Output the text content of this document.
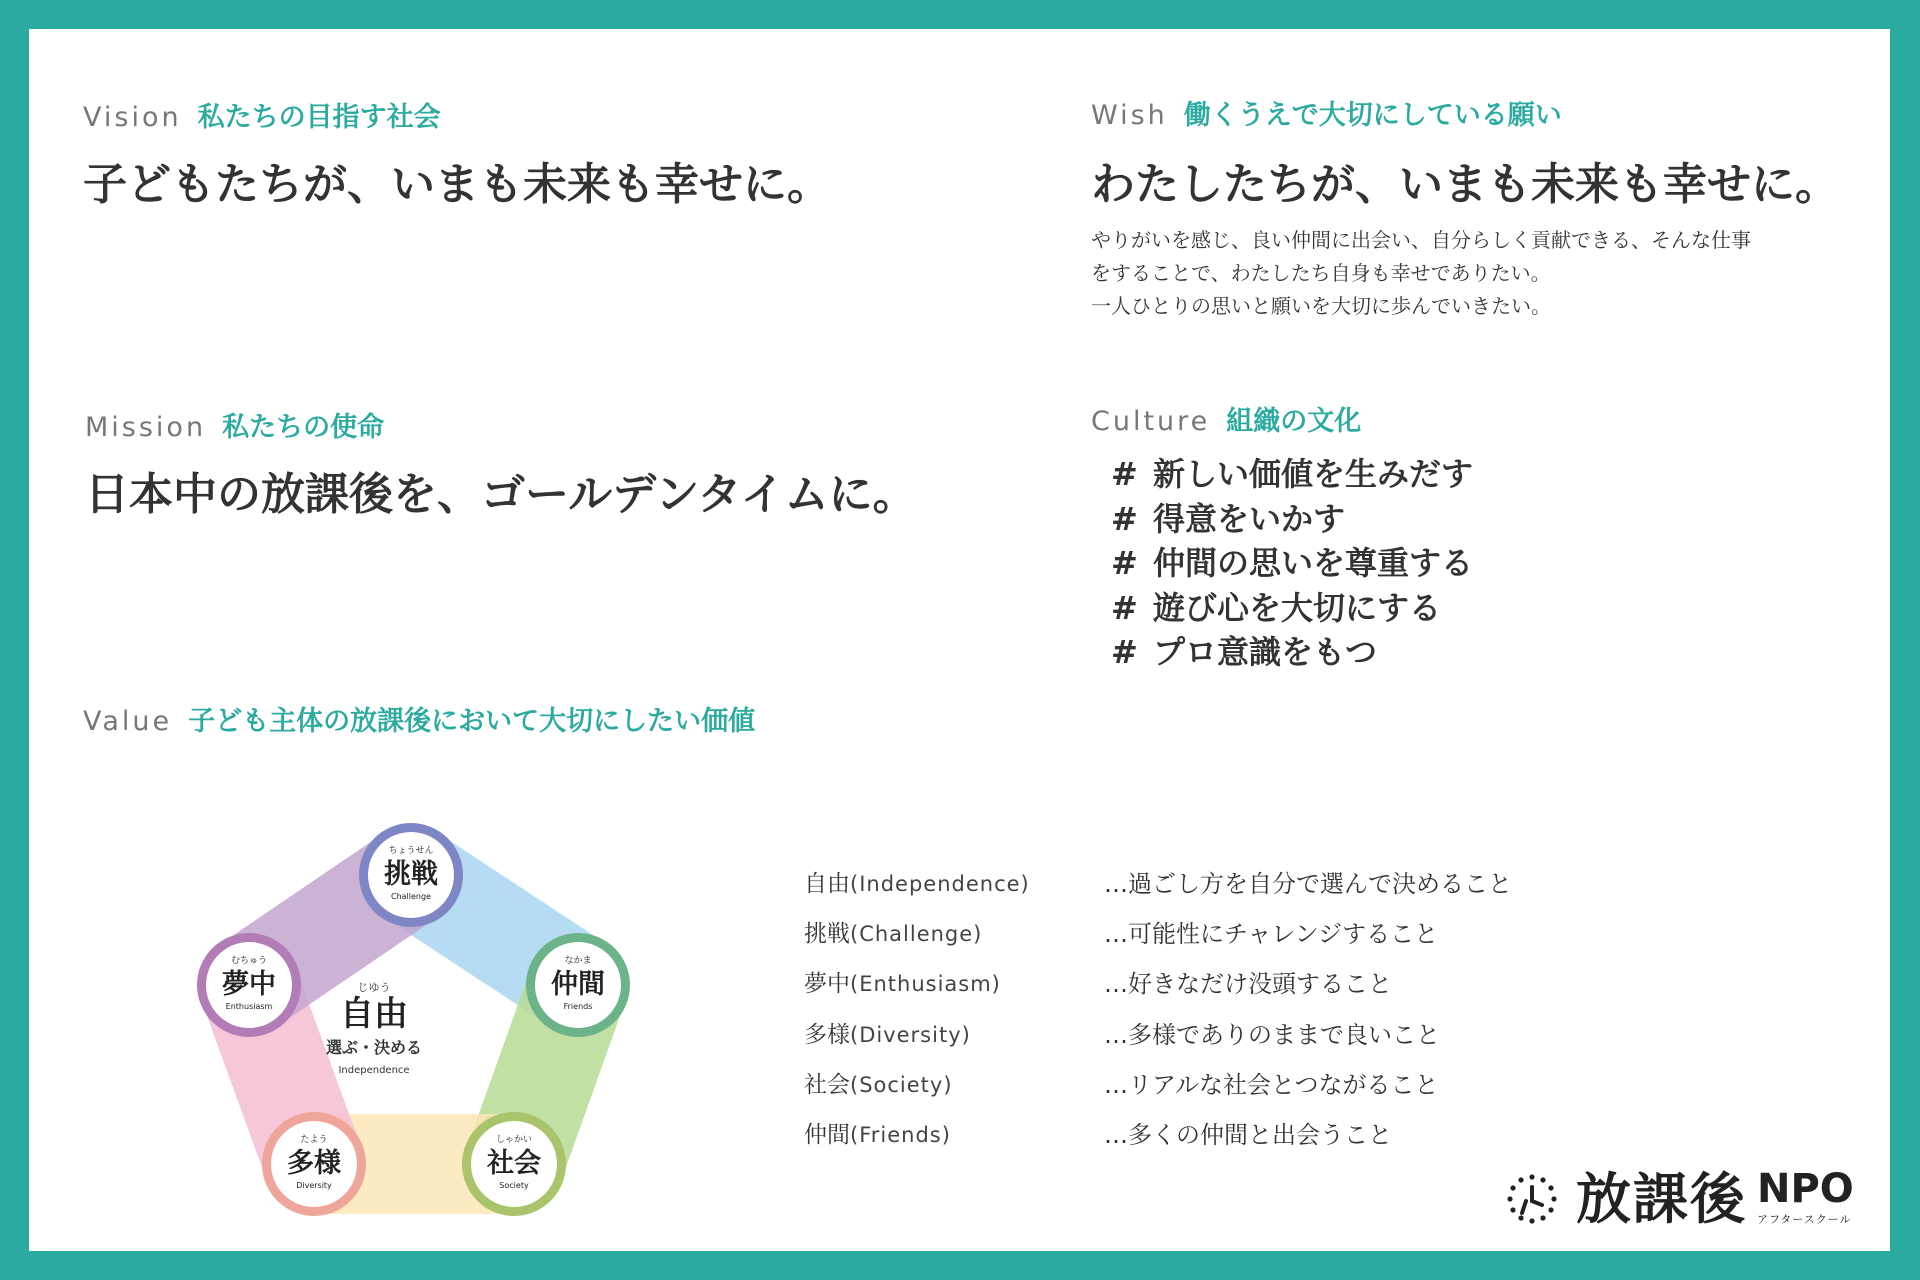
Vision 私たちの目指す社会
子どもたちが、いまも未来も幸せに。
Wish 働くうえで大切にしている願い
わたしたちが、いまも未来も幸せに。
やりがいを感じ、良い仲間に出会い、自分らしく貢献できる、そんな仕事
をすることで、わたしたち自身も幸せでありたい。
一人ひとりの思いと願いを大切に歩んでいきたい。
Mission 私たちの使命
日本中の放課後を、ゴールデンタイムに。
Culture 組織の文化
# 新しい価値を生みだす
# 得意をいかす
# 仲間の思いを尊重する
# 遊び心を大切にする
# プロ意識をもつ
Value 子ども主体の放課後において大切にしたい価値
ちょうせん
挑戦
Challenge
なかま
仲間
Friends
しゃかい
社会
Society
たよう
多様
Diversity
むちゅう
夢中
Enthusiasm
じゆう
自由
選ぶ・決める
Independence
自由(Independence)	…過ごし方を自分で選んで決めること
挑戦(Challenge)	…可能性にチャレンジすること
夢中(Enthusiasm)	…好きなだけ没頭すること
多様(Diversity)	…多様でありのままで良いこと
社会(Society)	…リアルな社会とつながること
仲間(Friends)	…多くの仲間と出会うこと
放課後 NPO
アフタースクール
